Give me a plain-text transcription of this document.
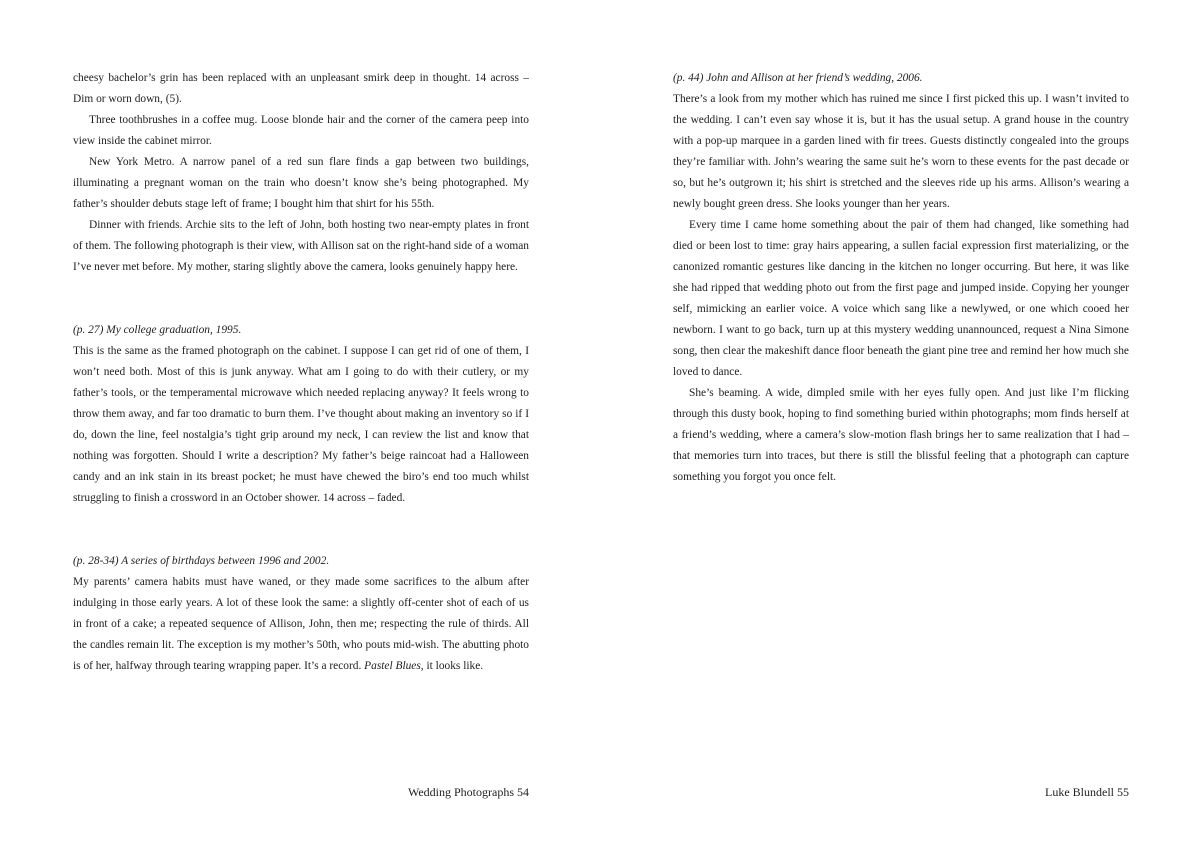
cheesy bachelor’s grin has been replaced with an unpleasant smirk deep in thought. 14 across – Dim or worn down, (5).

Three toothbrushes in a coffee mug. Loose blonde hair and the corner of the camera peep into view inside the cabinet mirror.

New York Metro. A narrow panel of a red sun flare finds a gap between two buildings, illuminating a pregnant woman on the train who doesn’t know she’s being photographed. My father’s shoulder debuts stage left of frame; I bought him that shirt for his 55th.

Dinner with friends. Archie sits to the left of John, both hosting two near-empty plates in front of them. The following photograph is their view, with Allison sat on the right-hand side of a woman I’ve never met before. My mother, staring slightly above the camera, looks genuinely happy here.

(p. 27) My college graduation, 1995.

This is the same as the framed photograph on the cabinet. I suppose I can get rid of one of them, I won’t need both. Most of this is junk anyway. What am I going to do with their cutlery, or my father’s tools, or the temperamental microwave which needed replacing anyway? It feels wrong to throw them away, and far too dramatic to burn them. I’ve thought about making an inventory so if I do, down the line, feel nostalgia’s tight grip around my neck, I can review the list and know that nothing was forgotten. Should I write a description? My father’s beige raincoat had a Halloween candy and an ink stain in its breast pocket; he must have chewed the biro’s end too much whilst struggling to finish a crossword in an October shower. 14 across – faded.

(p. 28-34) A series of birthdays between 1996 and 2002.

My parents’ camera habits must have waned, or they made some sacrifices to the album after indulging in those early years. A lot of these look the same: a slightly off-center shot of each of us in front of a cake; a repeated sequence of Allison, John, then me; respecting the rule of thirds. All the candles remain lit. The exception is my mother’s 50th, who pouts mid-wish. The abutting photo is of her, halfway through tearing wrapping paper. It’s a record. Pastel Blues, it looks like.

(p. 44) John and Allison at her friend’s wedding, 2006.

There’s a look from my mother which has ruined me since I first picked this up. I wasn’t invited to the wedding. I can’t even say whose it is, but it has the usual setup. A grand house in the country with a pop-up marquee in a garden lined with fir trees. Guests distinctly congealed into the groups they’re familiar with. John’s wearing the same suit he’s worn to these events for the past decade or so, but he’s outgrown it; his shirt is stretched and the sleeves ride up his arms. Allison’s wearing a newly bought green dress. She looks younger than her years.

Every time I came home something about the pair of them had changed, like something had died or been lost to time: gray hairs appearing, a sullen facial expression first materializing, or the canonized romantic gestures like dancing in the kitchen no longer occurring. But here, it was like she had ripped that wedding photo out from the first page and jumped inside. Copying her younger self, mimicking an earlier voice. A voice which sang like a newlywed, or one which cooed her newborn. I want to go back, turn up at this mystery wedding unannounced, request a Nina Simone song, then clear the makeshift dance floor beneath the giant pine tree and remind her how much she loved to dance.

She’s beaming. A wide, dimpled smile with her eyes fully open. And just like I’m flicking through this dusty book, hoping to find something buried within photographs; mom finds herself at a friend’s wedding, where a camera’s slow-motion flash brings her to same realization that I had – that memories turn into traces, but there is still the blissful feeling that a photograph can capture something you forgot you once felt.

Wedding Photographs 54	Luke Blundell 55
